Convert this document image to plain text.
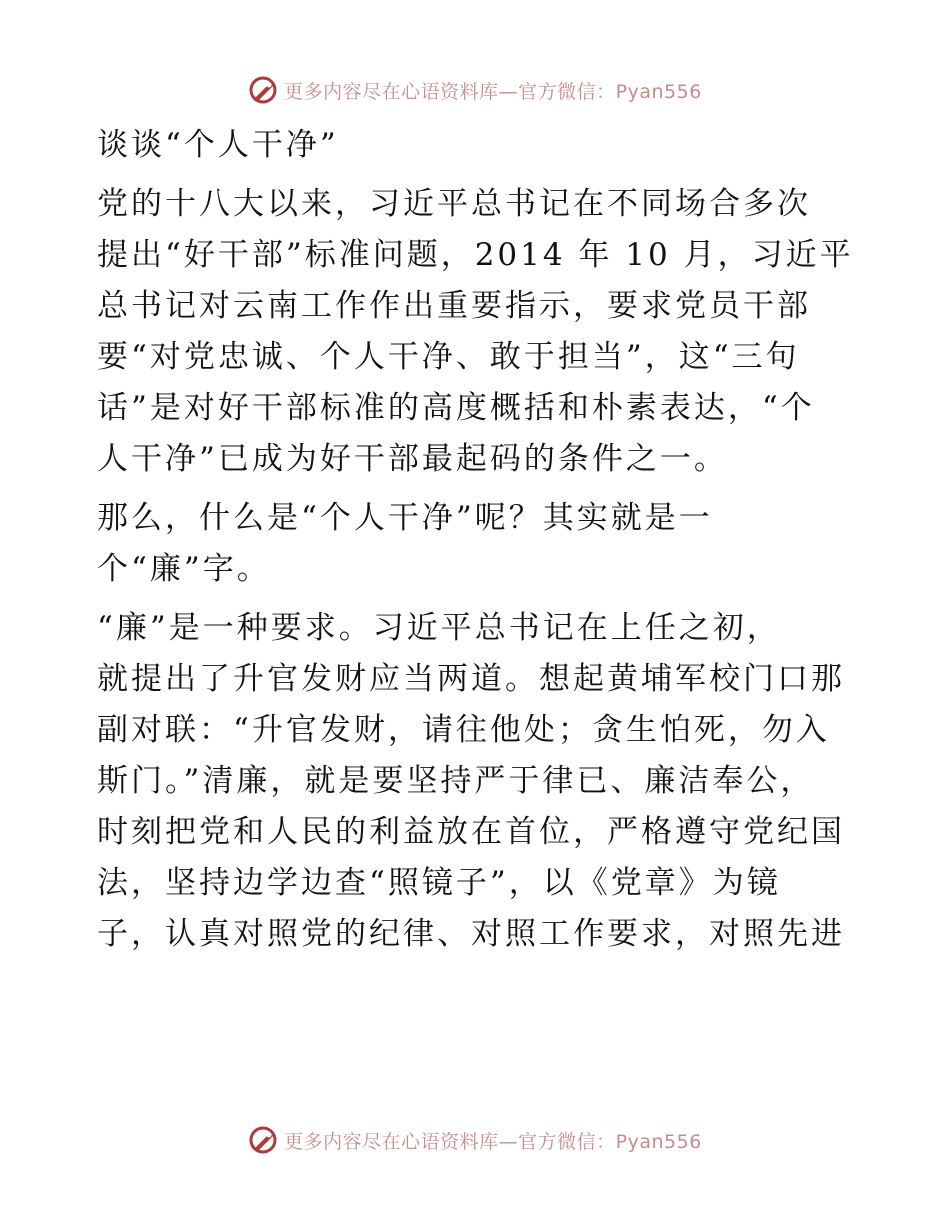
更多内容尽在心语资料库—官方微信：Pyan556
谈谈“个人干净”
党的十八大以来，习近平总书记在不同场合多次
提出“好干部”标准问题，2014 年 10 月，习近平
总书记对云南工作作出重要指示，要求党员干部
要“对党忠诚、个人干净、敢于担当”，这“三句
话”是对好干部标准的高度概括和朴素表达，“个
人干净”已成为好干部最起码的条件之一。
那么，什么是“个人干净”呢？其实就是一
个“廉”字。
“廉”是一种要求。习近平总书记在上任之初，
就提出了升官发财应当两道。想起黄埔军校门口那
副对联：“升官发财，请往他处；贪生怕死，勿入
斯门。”清廉，就是要坚持严于律已、廉洁奉公，
时刻把党和人民的利益放在首位，严格遵守党纪国
法，坚持边学边查“照镜子”，以《党章》为镜
子，认真对照党的纪律、对照工作要求，对照先进
更多内容尽在心语资料库—官方微信：Pyan556
